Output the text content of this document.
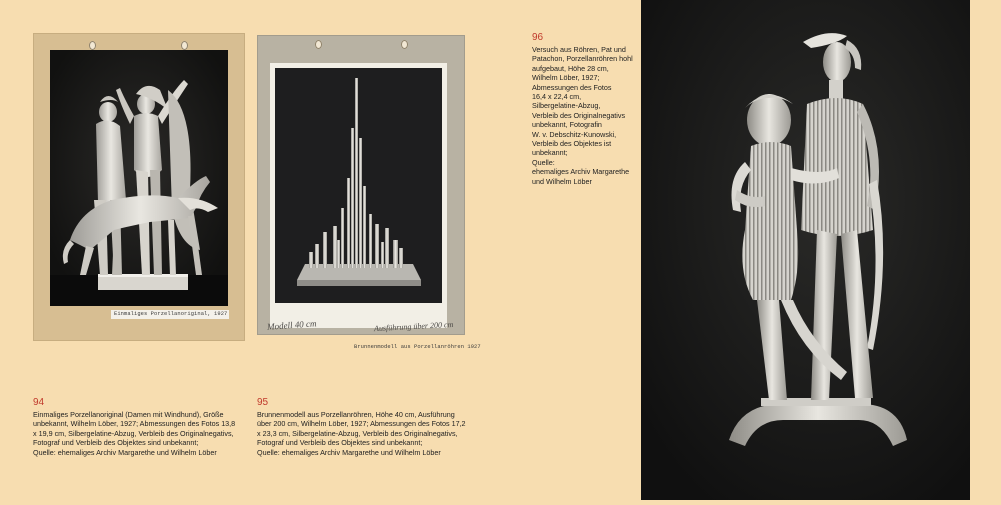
Einmaliges Porzellanoriginal, 1927
Brunnenmodell aus Porzellanröhren 1927
Modell 40 cm	Ausführung über 200 cm
96
Versuch aus Röhren, Pat und
Patachon, Porzellanröhren hohl
aufgebaut, Höhe 28 cm,
Wilhelm Löber, 1927;
Abmessungen des Fotos
16,4 x 22,4 cm,
Silbergelatine-Abzug,
Verbleib des Originalnegativs
unbekannt, Fotografin
W. v. Debschitz-Kunowski,
Verbleib des Objektes ist
unbekannt;
Quelle:
ehemaliges Archiv Margarethe
und Wilhelm Löber
94
Einmaliges Porzellanoriginal (Damen mit Windhund), Größe
unbekannt, Wilhelm Löber, 1927; Abmessungen des Fotos 13,8
x 19,9 cm, Silbergelatine-Abzug, Verbleib des Originalnegativs,
Fotograf und Verbleib des Objektes sind unbekannt;
Quelle: ehemaliges Archiv Margarethe und Wilhelm Löber
95
Brunnenmodell aus Porzellanröhren, Höhe 40 cm, Ausführung
über 200 cm, Wilhelm Löber, 1927; Abmessungen des Fotos 17,2
x 23,3 cm, Silbergelatine-Abzug, Verbleib des Originalnegativs,
Fotograf und Verbleib des Objektes sind unbekannt;
Quelle: ehemaliges Archiv Margarethe und Wilhelm Löber
